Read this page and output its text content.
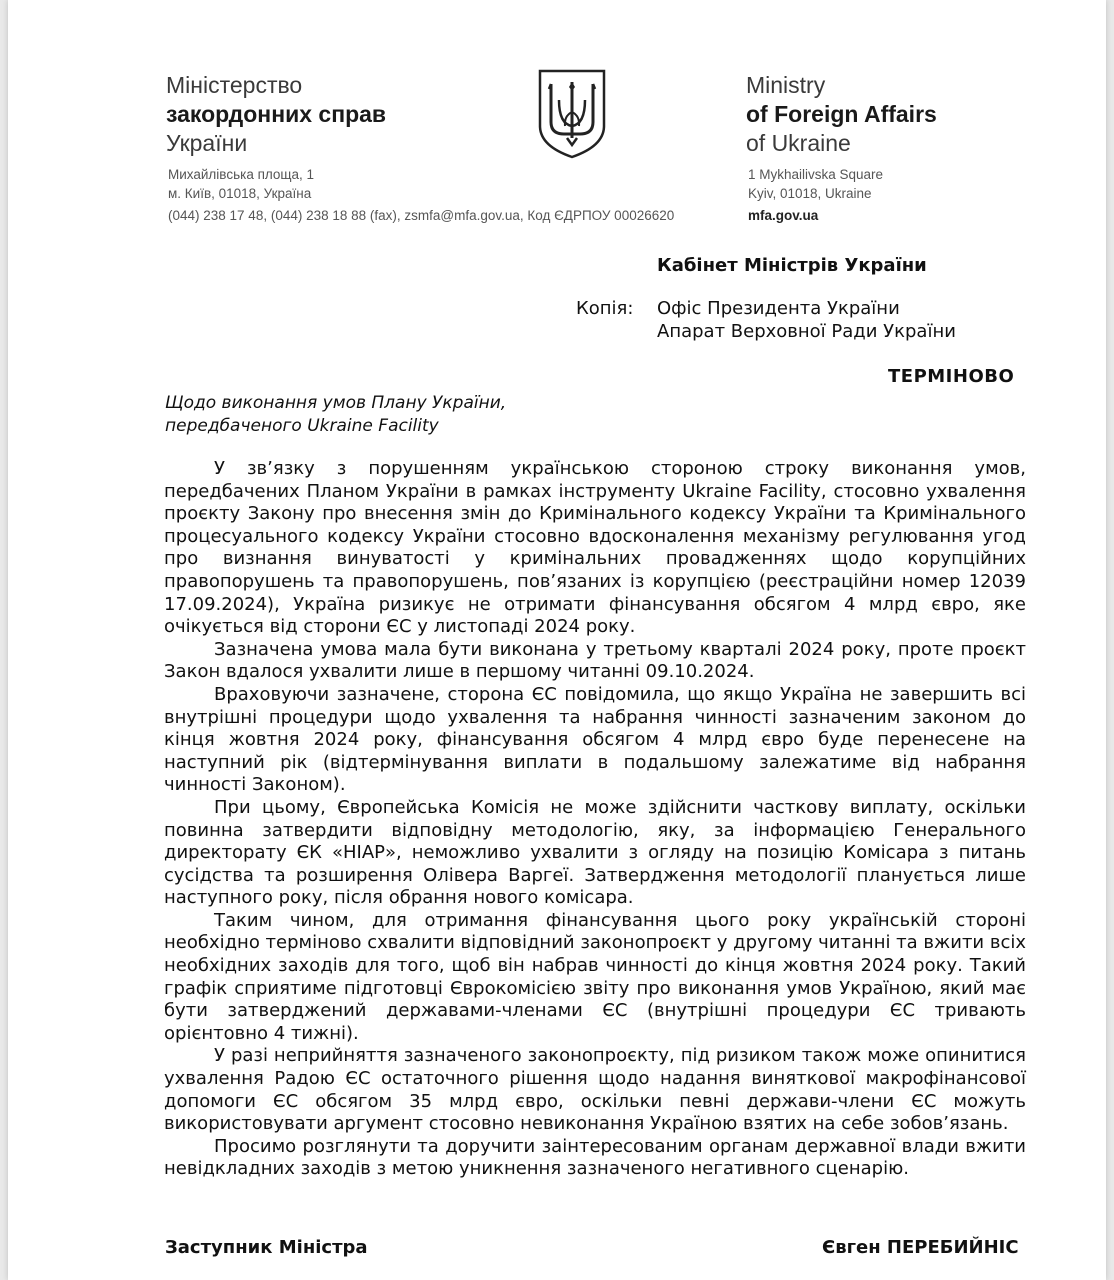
Міністерство
закордонних справ
України
Михайлівська площа, 1
м. Київ, 01018, Україна
(044) 238 17 48, (044) 238 18 88 (fax), zsmfa@mfa.gov.ua, Код ЄДРПОУ 00026620
Ministry
of Foreign Affairs
of Ukraine
1 Mykhailivska Square
Kyiv, 01018, Ukraine
mfa.gov.ua
Кабінет Міністрів України
Копія: Офіс Президента України
Апарат Верховної Ради України
ТЕРМІНОВО
Щодо виконання умов Плану України,
передбаченого Ukraine Facility

У зв’язку з порушенням українською стороною строку виконання умов, передбачених Планом України в рамках інструменту Ukraine Facility, стосовно ухвалення проєкту Закону про внесення змін до Кримінального кодексу України та Кримінального процесуального кодексу України стосовно вдосконалення механізму регулювання угод про визнання винуватості у кримінальних провадженнях щодо корупційних правопорушень та правопорушень, пов’язаних із корупцією (реєстраційни номер 12039 17.09.2024), Україна ризикує не отримати фінансування обсягом 4 млрд євро, яке очікується від сторони ЄС у листопаді 2024 року.

Зазначена умова мала бути виконана у третьому кварталі 2024 року, проте проєкт Закон вдалося ухвалити лише в першому читанні 09.10.2024.

Враховуючи зазначене, сторона ЄС повідомила, що якщо Україна не завершить всі внутрішні процедури щодо ухвалення та набрання чинності зазначеним законом до кінця жовтня 2024 року, фінансування обсягом 4 млрд євро буде перенесене на наступний рік (відтермінування виплати в подальшому залежатиме від набрання чинності Законом).

При цьому, Європейська Комісія не може здійснити часткову виплату, оскільки повинна затвердити відповідну методологію, яку, за інформацією Генерального директорату ЄК «НІАР», неможливо ухвалити з огляду на позицію Комісара з питань сусідства та розширення Олівера Варгеї. Затвердження методології планується лише наступного року, після обрання нового комісара.

Таким чином, для отримання фінансування цього року українській стороні необхідно терміново схвалити відповідний законопроєкт у другому читанні та вжити всіх необхідних заходів для того, щоб він набрав чинності до кінця жовтня 2024 року. Такий графік сприятиме підготовці Єврокомісією звіту про виконання умов Україною, який має бути затверджений державами-членами ЄС (внутрішні процедури ЄС тривають орієнтовно 4 тижні).

У разі неприйняття зазначеного законопроєкту, під ризиком також може опинитися ухвалення Радою ЄС остаточного рішення щодо надання виняткової макрофінансової допомоги ЄС обсягом 35 млрд євро, оскільки певні держави-члени ЄС можуть використовувати аргумент стосовно невиконання Україною взятих на себе зобов’язань.

Просимо розглянути та доручити заінтересованим органам державної влади вжити невідкладних заходів з метою уникнення зазначеного негативного сценарію.

Заступник Міністра	Євген ПЕРЕБИЙНІС
